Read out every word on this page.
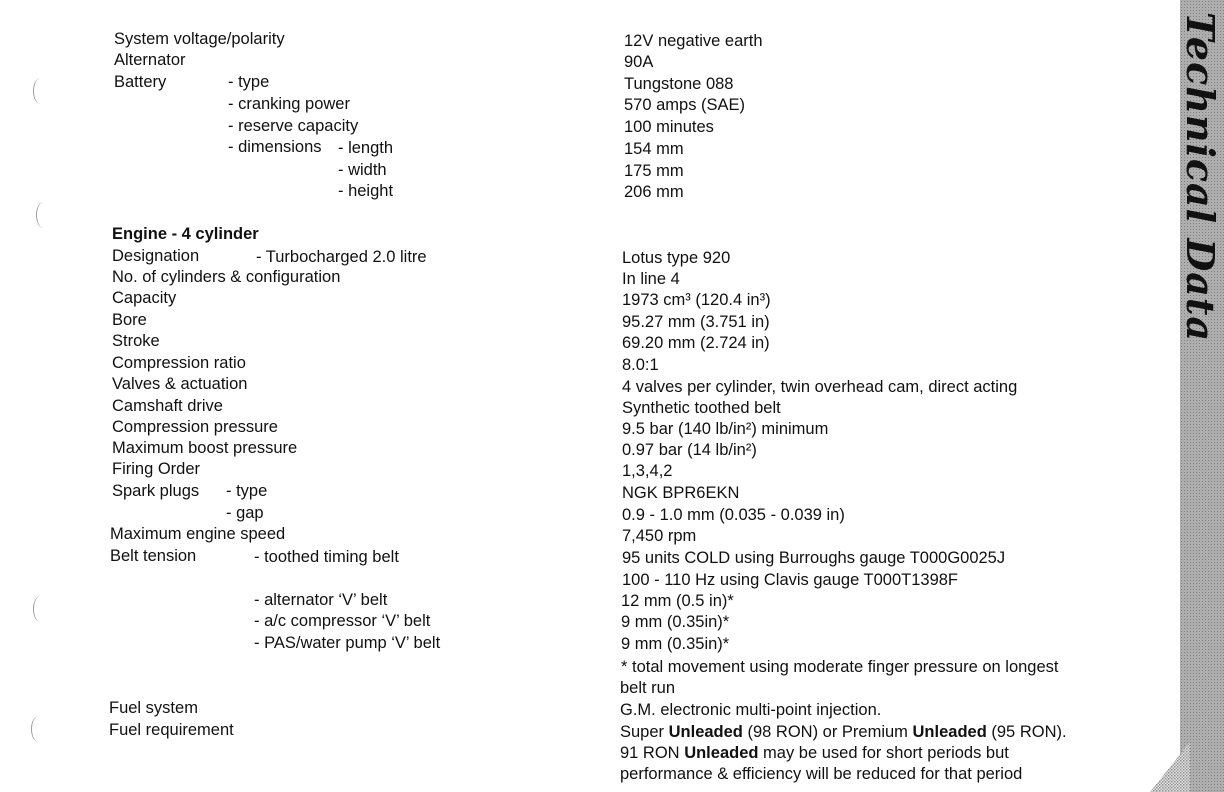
Technical Data
System voltage/polarity	12V negative earth
Alternator	90A
Battery	- type	Tungstone 088
- cranking power	570 amps (SAE)
- reserve capacity	100 minutes
- dimensions - length	154 mm
- width	175 mm
- height	206 mm
Engine - 4 cylinder
Designation	- Turbocharged 2.0 litre	Lotus type 920
No. of cylinders & configuration	In line 4
Capacity	1973 cm³ (120.4 in³)
Bore	95.27 mm (3.751 in)
Stroke	69.20 mm (2.724 in)
Compression ratio	8.0:1
Valves & actuation	4 valves per cylinder, twin overhead cam, direct acting
Camshaft drive	Synthetic toothed belt
Compression pressure	9.5 bar (140 lb/in²) minimum
Maximum boost pressure	0.97 bar (14 lb/in²)
Firing Order	1,3,4,2
Spark plugs - type	NGK BPR6EKN
- gap	0.9 - 1.0 mm (0.035 - 0.039 in)
Maximum engine speed	7,450 rpm
Belt tension	- toothed timing belt	95 units COLD using Burroughs gauge T000G0025J
100 - 110 Hz using Clavis gauge T000T1398F
- alternator ‘V’ belt	12 mm (0.5 in)*
- a/c compressor ‘V’ belt	9 mm (0.35in)*
- PAS/water pump ‘V’ belt	9 mm (0.35in)*
* total movement using moderate finger pressure on longest
belt run
Fuel system	G.M. electronic multi-point injection.
Fuel requirement	Super Unleaded (98 RON) or Premium Unleaded (95 RON).
91 RON Unleaded may be used for short periods but
performance & efficiency will be reduced for that period
